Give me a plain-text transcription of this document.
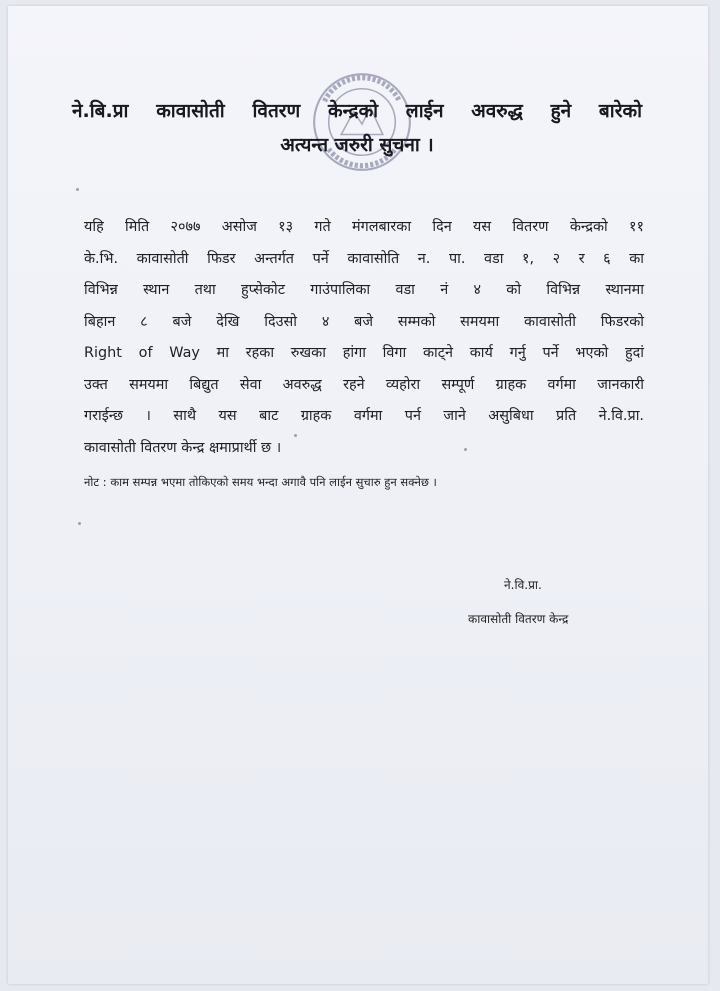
ने.बि.प्रा कावासोती वितरण केन्द्रको लाईन अवरुद्ध हुने बारेको
अत्यन्त जरुरी सुचना ।
यहि मिति २०७७ असोज १३ गते मंगलबारका दिन यस वितरण केन्द्रको ११
के.भि. कावासोती फिडर अन्तर्गत पर्ने कावासोति न. पा. वडा १, २ र ६ का
विभिन्न स्थान तथा हुप्सेकोट गाउंपालिका वडा नं ४ को विभिन्न स्थानमा
बिहान ८ बजे देखि दिउसो ४ बजे सम्मको समयमा कावासोती फिडरको
Right of Way मा रहका रुखका हांगा विगा काट्ने कार्य गर्नु पर्ने भएको हुदां
उक्त समयमा बिद्युत सेवा अवरुद्ध रहने व्यहोरा सम्पूर्ण ग्राहक वर्गमा जानकारी
गराईन्छ । साथै यस बाट ग्राहक वर्गमा पर्न जाने असुबिधा प्रति ने.वि.प्रा.
कावासोती वितरण केन्द्र क्षमाप्रार्थी छ ।
नोट : काम सम्पन्न भएमा तोकिएको समय भन्दा अगावै पनि लाईन सुचारु हुन सक्नेछ ।
ने.वि.प्रा.
कावासोती वितरण केन्द्र
